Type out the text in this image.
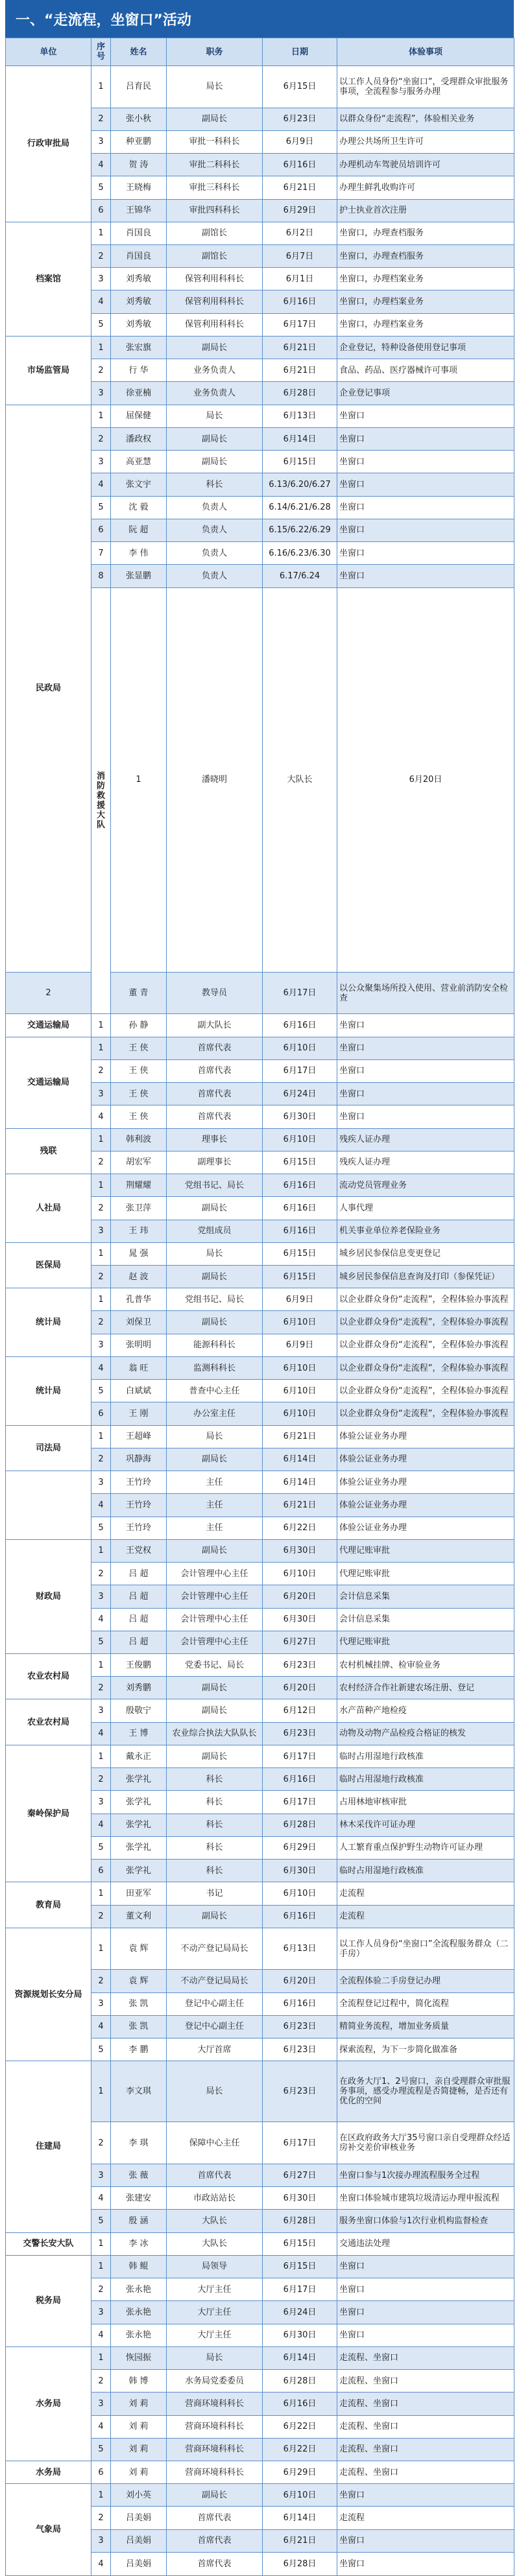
一、“走流程，坐窗口”活动
单位	序号	姓名	职务	日期	体验事项	
行政审批局	1	吕育民	局长	6月15日	以工作人员身份“坐窗口”，受理群众审批服务事项，全流程参与服务办理	
	2	张小秋	副局长	6月23日	以群众身份“走流程”，体验相关业务	
	3	种亚鹏	审批一科科长	6月9日	办理公共场所卫生许可	
	4	贺 涛	审批二科科长	6月16日	办理机动车驾驶员培训许可	
	5	王晓梅	审批三科科长	6月21日	办理生鲜乳收购许可	
	6	王锦华	审批四科科长	6月29日	护士执业首次注册	
档案馆	1	肖国良	副馆长	6月2日	坐窗口，办理查档服务	
	2	肖国良	副馆长	6月7日	坐窗口，办理查档服务	
	3	刘秀敏	保管利用科科长	6月1日	坐窗口，办理档案业务	
	4	刘秀敏	保管利用科科长	6月16日	坐窗口，办理档案业务	
	5	刘秀敏	保管利用科科长	6月17日	坐窗口，办理档案业务	
市场监管局	1	张宏旗	副局长	6月21日	企业登记，特种设备使用登记事项	
	2	行 华	业务负责人	6月21日	食品、药品、医疗器械许可事项	
	3	徐亚楠	业务负责人	6月28日	企业登记事项	
民政局	1	屈保健	局长	6月13日	坐窗口	
	2	潘政权	副局长	6月14日	坐窗口	
	3	高亚慧	副局长	6月15日	坐窗口	
	4	张文宇	科长	6.13/6.20/6.27	坐窗口	
	5	沈 毅	负责人	6.14/6.21/6.28	坐窗口	
	6	阮 超	负责人	6.15/6.22/6.29	坐窗口	
	7	李 伟	负责人	6.16/6.23/6.30	坐窗口	
	8	张显鹏	负责人	6.17/6.24	坐窗口	
	消防救援大队	1	潘晓明	大队长	6月20日	
2		董 青	教导员	6月17日	以公众聚集场所投入使用、营业前消防安全检查	
交通运输局	1	孙 静	副大队长	6月16日	坐窗口	
交通运输局	1	王 侠	首席代表	6月10日	坐窗口	
	2	王 侠	首席代表	6月17日	坐窗口	
	3	王 侠	首席代表	6月24日	坐窗口	
	4	王 侠	首席代表	6月30日	坐窗口	
残联	1	韩利波	理事长	6月10日	残疾人证办理	
	2	胡宏军	副理事长	6月15日	残疾人证办理	
人社局	1	荆耀耀	党组书记、局长	6月16日	流动党员管理业务	
	2	张卫萍	副局长	6月16日	人事代理	
	3	王 玮	党组成员	6月16日	机关事业单位养老保险业务	
医保局	1	晁 强	局长	6月15日	城乡居民参保信息变更登记	
	2	赵 波	副局长	6月15日	城乡居民参保信息查询及打印（参保凭证）	
统计局	1	孔普华	党组书记、局长	6月9日	以企业群众身份“走流程”，全程体验办事流程	
	2	刘保卫	副局长	6月10日	以企业群众身份“走流程”，全程体验办事流程	
	3	张明明	能源科科长	6月9日	以企业群众身份“走流程”，全程体验办事流程	
统计局	4	翁 旺	监测科科长	6月10日	以企业群众身份“走流程”，全程体验办事流程	
	5	白斌斌	普查中心主任	6月10日	以企业群众身份“走流程”，全程体验办事流程	
	6	王 刚	办公室主任	6月10日	以企业群众身份“走流程”，全程体验办事流程	
司法局	1	王超峰	局长	6月21日	体验公证业务办理	
	2	巩静海	副局长	6月14日	体验公证业务办理	
	3	王竹玲	主任	6月14日	体验公证业务办理	
	4	王竹玲	主任	6月21日	体验公证业务办理	
	5	王竹玲	主任	6月22日	体验公证业务办理	
财政局	1	王党权	副局长	6月30日	代理记账审批	
	2	吕 超	会计管理中心主任	6月10日	代理记账审批	
	3	吕 超	会计管理中心主任	6月20日	会计信息采集	
	4	吕 超	会计管理中心主任	6月30日	会计信息采集	
	5	吕 超	会计管理中心主任	6月27日	代理记账审批	
农业农村局	1	王俊鹏	党委书记、局长	6月23日	农村机械挂牌、检审验业务	
	2	刘秀鹏	副局长	6月20日	农村经济合作社新建农场注册、登记	
农业农村局	3	殷敬宁	副局长	6月12日	水产苗种产地检疫	
	4	王 博	农业综合执法大队队长	6月23日	动物及动物产品检疫合格证的核发	
秦岭保护局	1	戴永正	副局长	6月17日	临时占用湿地行政核准	
	2	张学礼	科长	6月16日	临时占用湿地行政核准	
	3	张学礼	科长	6月17日	占用林地审核审批	
	4	张学礼	科长	6月28日	林木采伐许可证办理	
	5	张学礼	科长	6月29日	人工繁育重点保护野生动物许可证办理	
	6	张学礼	科长	6月30日	临时占用湿地行政核准	
教育局	1	田亚军	书记	6月10日	走流程	
	2	董文利	副局长	6月16日	走流程	
资源规划长安分局	1	袁 辉	不动产登记局局长	6月13日	以工作人员身份“坐窗口”全流程服务群众（二手房）	
	2	袁 辉	不动产登记局局长	6月20日	全流程体验二手房登记办理	
	3	张 凯	登记中心副主任	6月16日	全流程登记过程中，简化流程	
	4	张 凯	登记中心副主任	6月23日	精简业务流程，增加业务质量	
	5	李 鹏	大厅首席	6月23日	探索流程，为下一步简化做准备	
住建局	1	李文琪	局长	6月23日	在政务大厅1、2号窗口，亲自受理群众审批服务事项，感受办理流程是否简捷畅，是否还有优化的空间	
	2	李 琪	保障中心主任	6月17日	在区政府政务大厅35号窗口亲自受理群众经适房补交差价审核业务	
	3	张 薇	首席代表	6月27日	坐窗口参与1次接办理流程服务全过程	
	4	张建安	市政站站长	6月30日	坐窗口体验城市建筑垃圾清运办理申报流程	
	5	殷 涵	大队长	6月28日	服务坐窗口体验与1次行业机构监督检查	
交警长安大队	1	李 冰	大队长	6月15日	交通违法处理	
税务局	1	韩 鲲	局领导	6月15日	坐窗口	
	2	张永艳	大厅主任	6月17日	坐窗口	
	3	张永艳	大厅主任	6月24日	坐窗口	
	4	张永艳	大厅主任	6月30日	坐窗口	
水务局	1	恢园振	局长	6月14日	走流程、坐窗口	
	2	韩 博	水务局党委委员	6月28日	走流程、坐窗口	
	3	刘 莉	营商环境科科长	6月16日	走流程、坐窗口	
	4	刘 莉	营商环境科科长	6月22日	走流程、坐窗口	
	5	刘 莉	营商环境科科长	6月22日	走流程、坐窗口	
水务局	6	刘 莉	营商环境科科长	6月29日	走流程、坐窗口	
气象局	1	刘小英	副局长	6月10日	坐窗口	
	2	吕美娟	首席代表	6月14日	走流程	
	3	吕美娟	首席代表	6月21日	坐窗口	
	4	吕美娟	首席代表	6月28日	坐窗口	
